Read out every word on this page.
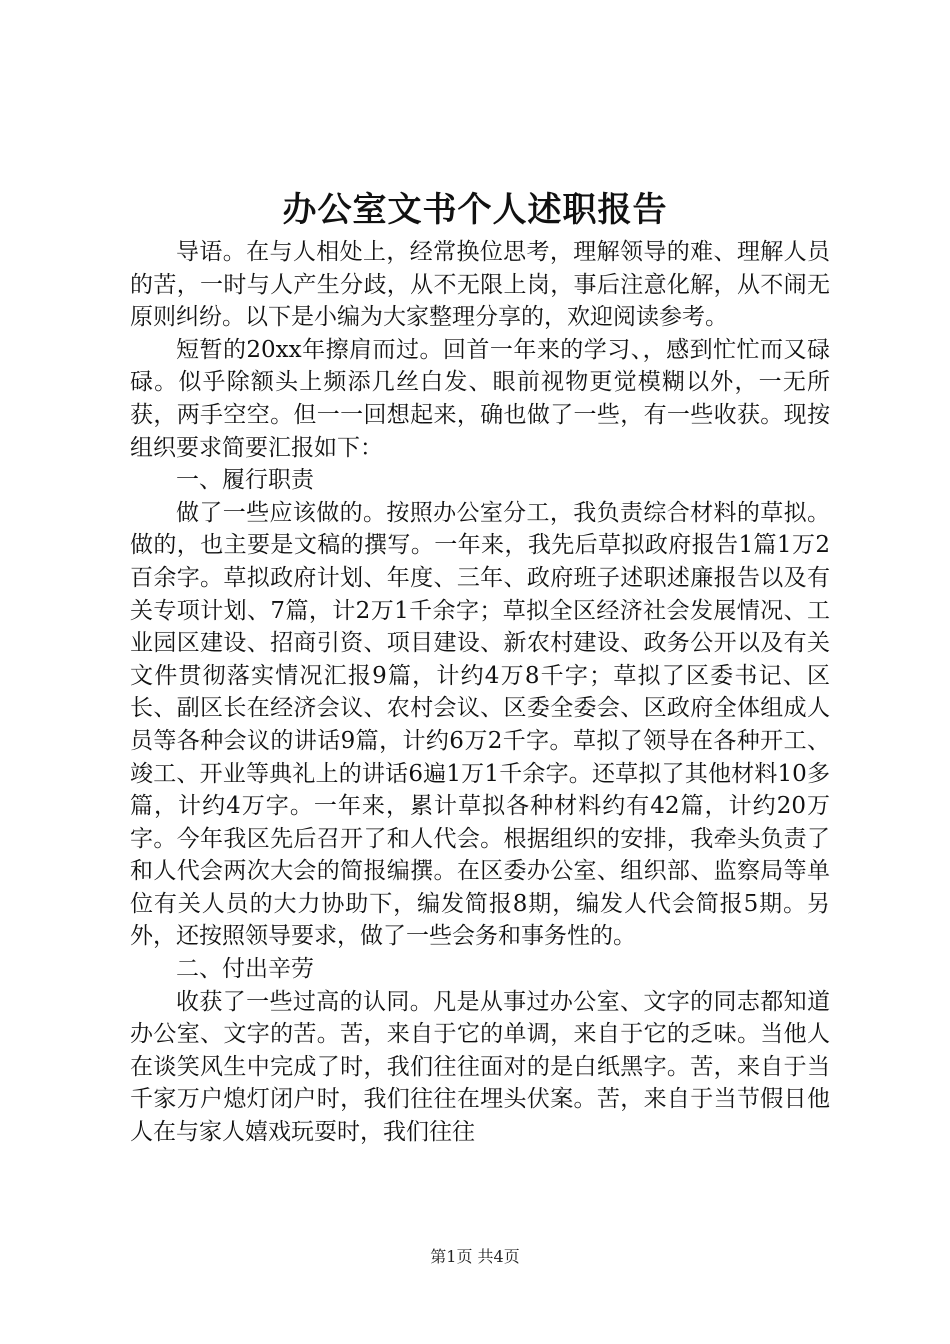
办公室文书个人述职报告

导语。在与人相处上，经常换位思考，理解领导的难、理解人员的苦，一时与人产生分歧，从不无限上岗，事后注意化解，从不闹无原则纠纷。以下是小编为大家整理分享的，欢迎阅读参考。

短暂的20xx年擦肩而过。回首一年来的学习、，感到忙忙而又碌碌。似乎除额头上频添几丝白发、眼前视物更觉模糊以外，一无所获，两手空空。但一一回想起来，确也做了一些，有一些收获。现按组织要求简要汇报如下：

一、履行职责

做了一些应该做的。按照办公室分工，我负责综合材料的草拟。做的，也主要是文稿的撰写。一年来，我先后草拟政府报告1篇1万2百余字。草拟政府计划、年度、三年、政府班子述职述廉报告以及有关专项计划、7篇，计2万1千余字；草拟全区经济社会发展情况、工业园区建设、招商引资、项目建设、新农村建设、政务公开以及有关文件贯彻落实情况汇报9篇，计约4万8千字；草拟了区委书记、区长、副区长在经济会议、农村会议、区委全委会、区政府全体组成人员等各种会议的讲话9篇，计约6万2千字。草拟了领导在各种开工、竣工、开业等典礼上的讲话6遍1万1千余字。还草拟了其他材料10多篇，计约4万字。一年来，累计草拟各种材料约有42篇，计约20万字。今年我区先后召开了和人代会。根据组织的安排，我牵头负责了和人代会两次大会的简报编撰。在区委办公室、组织部、监察局等单位有关人员的大力协助下，编发简报8期，编发人代会简报5期。另外，还按照领导要求，做了一些会务和事务性的。

二、付出辛劳

收获了一些过高的认同。凡是从事过办公室、文字的同志都知道办公室、文字的苦。苦，来自于它的单调，来自于它的乏味。当他人在谈笑风生中完成了时，我们往往面对的是白纸黑字。苦，来自于当千家万户熄灯闭户时，我们往往在埋头伏案。苦，来自于当节假日他人在与家人嬉戏玩耍时，我们往往

第1页 共4页
